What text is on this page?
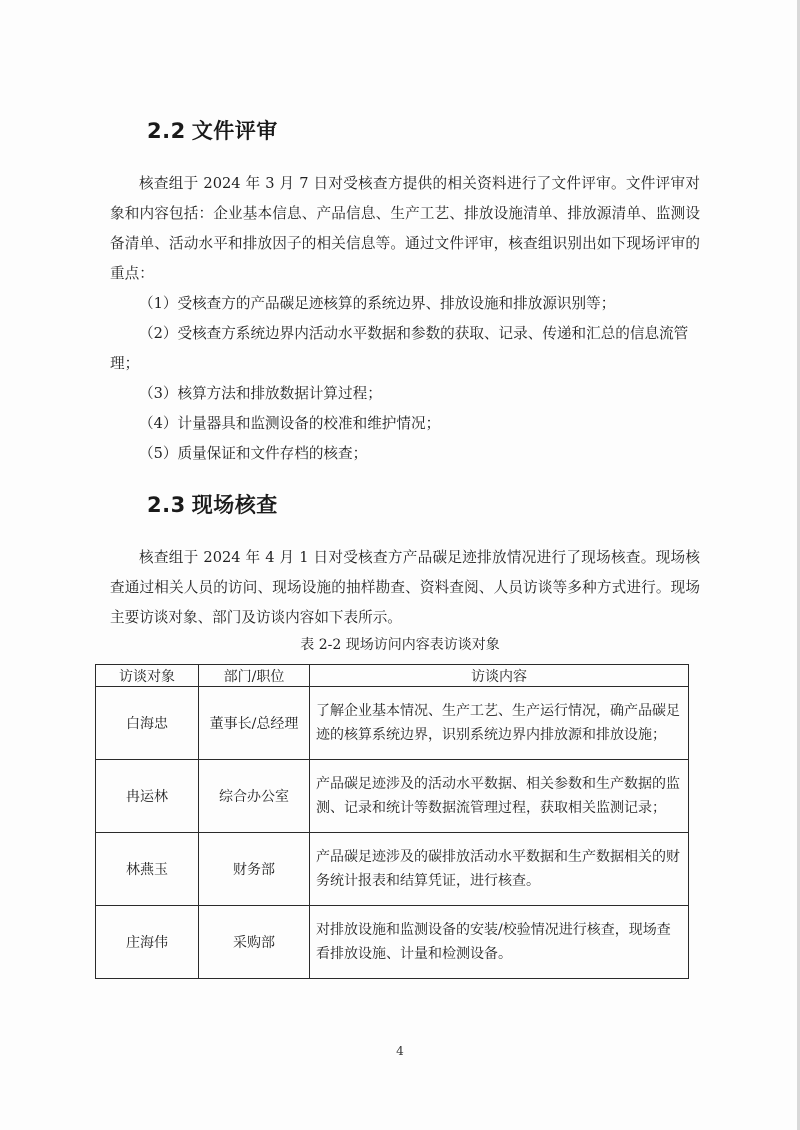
2.2 文件评审
核查组于 2024 年 3 月 7 日对受核查方提供的相关资料进行了文件评审。文件评审对象和内容包括：企业基本信息、产品信息、生产工艺、排放设施清单、排放源清单、监测设备清单、活动水平和排放因子的相关信息等。通过文件评审，核查组识别出如下现场评审的重点：
（1）受核查方的产品碳足迹核算的系统边界、排放设施和排放源识别等；
（2）受核查方系统边界内活动水平数据和参数的获取、记录、传递和汇总的信息流管理；
（3）核算方法和排放数据计算过程；
（4）计量器具和监测设备的校准和维护情况；
（5）质量保证和文件存档的核查；
2.3 现场核查
核查组于 2024 年 4 月 1 日对受核查方产品碳足迹排放情况进行了现场核查。现场核查通过相关人员的访问、现场设施的抽样勘查、资料查阅、人员访谈等多种方式进行。现场主要访谈对象、部门及访谈内容如下表所示。
表 2-2 现场访问内容表访谈对象
访谈对象	部门/职位	访谈内容
白海忠	董事长/总经理	了解企业基本情况、生产工艺、生产运行情况，确产品碳足迹的核算系统边界，识别系统边界内排放源和排放设施；
冉运林	综合办公室	产品碳足迹涉及的活动水平数据、相关参数和生产数据的监测、记录和统计等数据流管理过程，获取相关监测记录；
林燕玉	财务部	产品碳足迹涉及的碳排放活动水平数据和生产数据相关的财务统计报表和结算凭证，进行核查。
庄海伟	采购部	对排放设施和监测设备的安装/校验情况进行核查，现场查看排放设施、计量和检测设备。
4
